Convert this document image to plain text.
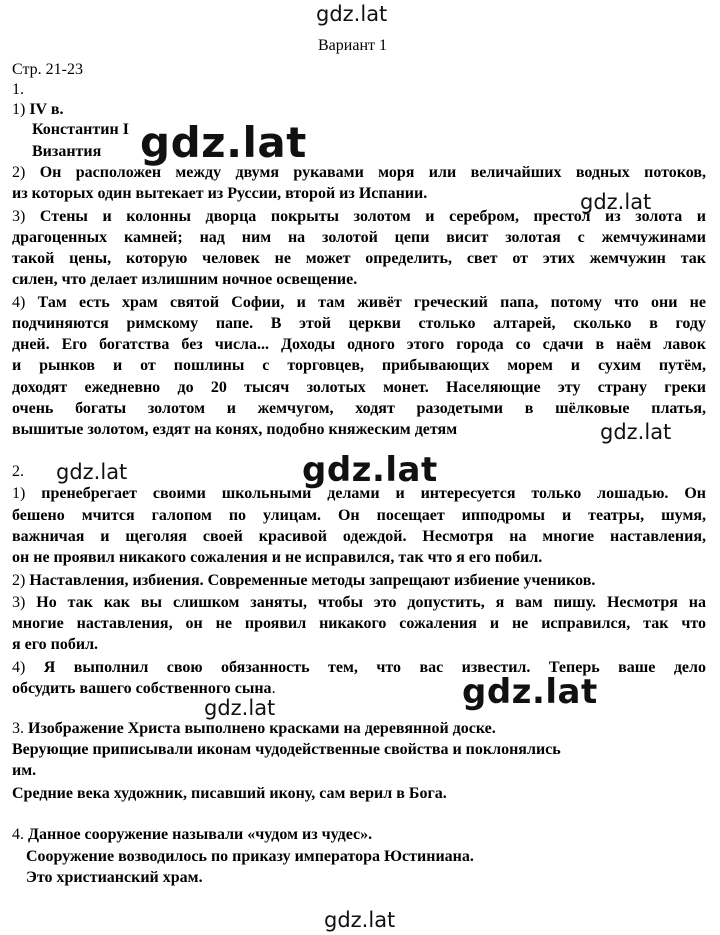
gdz.lat
gdz.lat
gdz.lat
gdz.lat
gdz.lat	gdz.lat
gdz.lat
gdz.lat
gdz.lat
Вариант 1
Стр. 21-23
1.
1) IV в.
Константин I
Византия
2) Он расположен между двумя рукавами моря или величайших водных потоков,
из которых один вытекает из Руссии, второй из Испании.
3) Стены и колонны дворца покрыты золотом и серебром, престол из золота и
драгоценных камней; над ним на золотой цепи висит золотая с жемчужинами
такой цены, которую человек не может определить, свет от этих жемчужин так
силен, что делает излишним ночное освещение.
4) Там есть храм святой Софии, и там живёт греческий папа, потому что они не
подчиняются римскому папе. В этой церкви столько алтарей, сколько в году
дней. Его богатства без числа... Доходы одного этого города со сдачи в наём лавок
и рынков и от пошлины с торговцев, прибывающих морем и сухим путём,
доходят ежедневно до 20 тысяч золотых монет. Населяющие эту страну греки
очень богаты золотом и жемчугом, ходят разодетыми в шёлковые платья,
вышитые золотом, ездят на конях, подобно княжеским детям
2.
1) пренебрегает своими школьными делами и интересуется только лошадью. Он
бешено мчится галопом по улицам. Он посещает ипподромы и театры, шумя,
важничая и щеголяя своей красивой одеждой. Несмотря на многие наставления,
он не проявил никакого сожаления и не исправился, так что я его побил.
2) Наставления, избиения. Современные методы запрещают избиение учеников.
3) Но так как вы слишком заняты, чтобы это допустить, я вам пишу. Несмотря на
многие наставления, он не проявил никакого сожаления и не исправился, так что
я его побил.
4) Я выполнил свою обязанность тем, что вас известил. Теперь ваше дело
обсудить вашего собственного сына.
3. Изображение Христа выполнено красками на деревянной доске.
Верующие приписывали иконам чудодейственные свойства и поклонялись
им.
Средние века художник, писавший икону, сам верил в Бога.
4. Данное сооружение называли «чудом из чудес».
Сооружение возводилось по приказу императора Юстиниана.
Это христианский храм.
